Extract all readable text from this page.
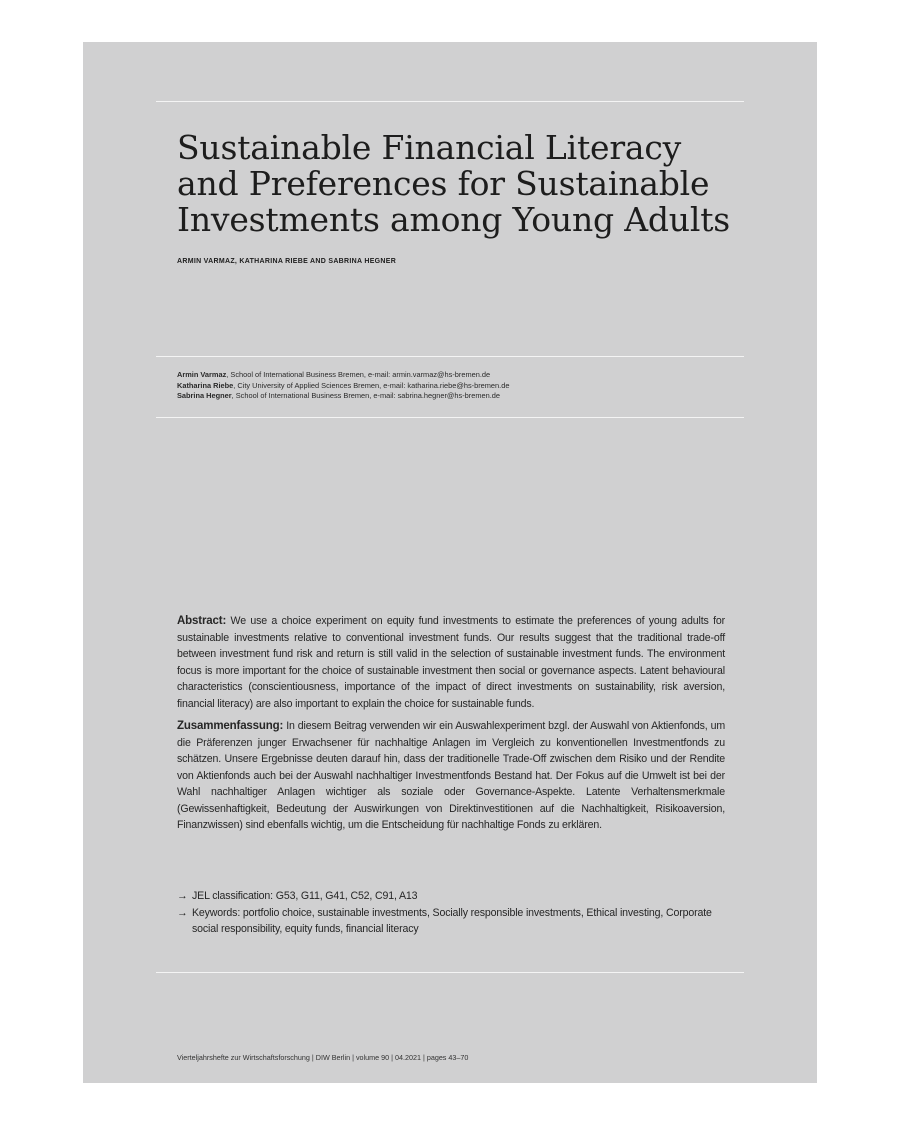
Sustainable Financial Literacy and Preferences for Sustainable Investments among Young Adults
ARMIN VARMAZ, KATHARINA RIEBE AND SABRINA HEGNER
Armin Varmaz, School of International Business Bremen, e-mail: armin.varmaz@hs-bremen.de
Katharina Riebe, City University of Applied Sciences Bremen, e-mail: katharina.riebe@hs-bremen.de
Sabrina Hegner, School of International Business Bremen, e-mail: sabrina.hegner@hs-bremen.de

Abstract: We use a choice experiment on equity fund investments to estimate the preferences of young adults for sustainable investments relative to conventional investment funds. Our results suggest that the traditional trade-off between investment fund risk and return is still valid in the selection of sustainable investment funds. The environment focus is more important for the choice of sustainable investment then social or governance aspects. Latent behavioural characteristics (conscientiousness, importance of the impact of direct investments on sustainability, risk aversion, financial literacy) are also important to explain the choice for sustainable funds.

Zusammenfassung: In diesem Beitrag verwenden wir ein Auswahlexperiment bzgl. der Auswahl von Aktienfonds, um die Präferenzen junger Erwachsener für nachhaltige Anlagen im Vergleich zu konventionellen Investmentfonds zu schätzen. Unsere Ergebnisse deuten darauf hin, dass der traditionelle Trade-Off zwischen dem Risiko und der Rendite von Aktienfonds auch bei der Auswahl nachhaltiger Investmentfonds Bestand hat. Der Fokus auf die Umwelt ist bei der Wahl nachhaltiger Anlagen wichtiger als soziale oder Governance-Aspekte. Latente Verhaltensmerkmale (Gewissenhaftigkeit, Bedeutung der Auswirkungen von Direktinvestitionen auf die Nachhaltigkeit, Risikoaversion, Finanzwissen) sind ebenfalls wichtig, um die Entscheidung für nachhaltige Fonds zu erklären.

→ JEL classification: G53, G11, G41, C52, C91, A13
→ Keywords: portfolio choice, sustainable investments, Socially responsible investments, Ethical investing, Corporate social responsibility, equity funds, financial literacy
Vierteljahrshefte zur Wirtschaftsforschung | DIW Berlin | volume 90 | 04.2021 | pages 43–70
